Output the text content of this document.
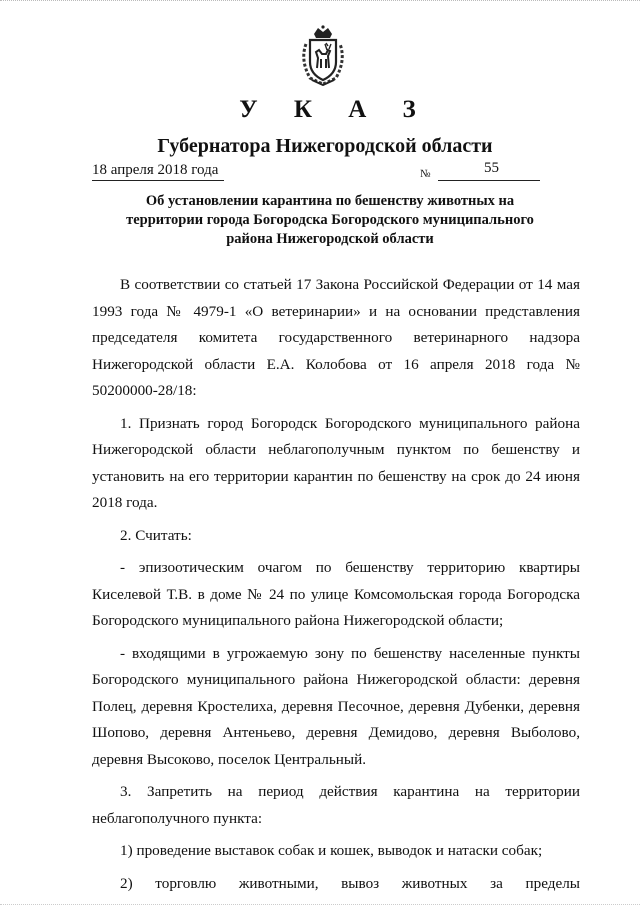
У К А З
Губернатора Нижегородской области
18 апреля 2018 года	№	55
Об установлении карантина по бешенству животных на территории города Богородска Богородского муниципального района Нижегородской области

В соответствии со статьей 17 Закона Российской Федерации от 14 мая 1993 года № 4979-1 «О ветеринарии» и на основании представления председателя комитета государственного ветеринарного надзора Нижегородской области Е.А. Колобова от 16 апреля 2018 года № 50200000-28/18:

1. Признать город Богородск Богородского муниципального района Нижегородской области неблагополучным пунктом по бешенству и установить на его территории карантин по бешенству на срок до 24 июня 2018 года.

2. Считать:

- эпизоотическим очагом по бешенству территорию квартиры Киселевой Т.В. в доме № 24 по улице Комсомольская города Богородска Богородского муниципального района Нижегородской области;

- входящими в угрожаемую зону по бешенству населенные пункты Богородского муниципального района Нижегородской области: деревня Полец, деревня Кростелиха, деревня Песочное, деревня Дубенки, деревня Шопово, деревня Антеньево, деревня Демидово, деревня Выболово, деревня Высоково, поселок Центральный.

3. Запретить на период действия карантина на территории неблагополучного пункта:

1) проведение выставок собак и кошек, выводок и натаски собак;

2) торговлю животными, вывоз животных за пределы
